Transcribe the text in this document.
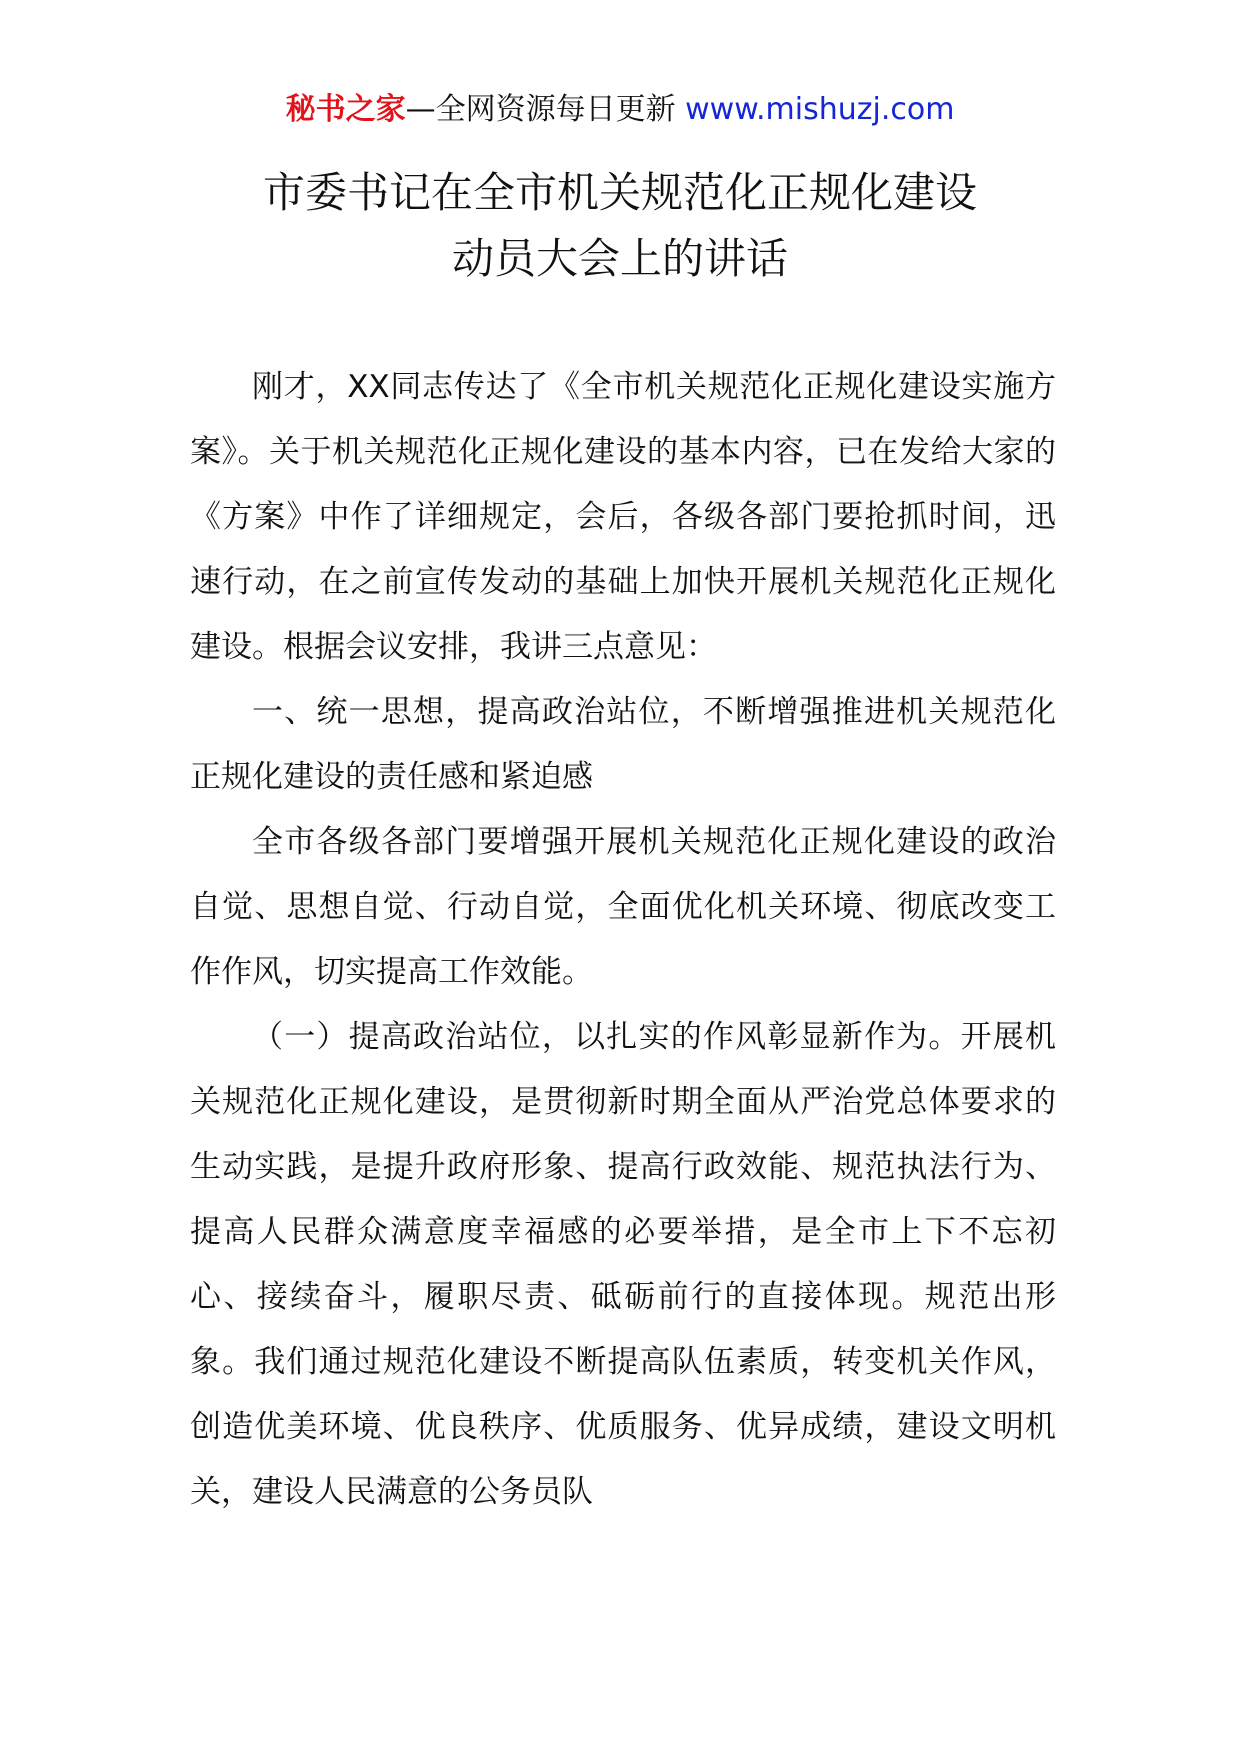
秘书之家—全网资源每日更新 www.mishuzj.com
市委书记在全市机关规范化正规化建设
动员大会上的讲话

刚才，XX同志传达了《全市机关规范化正规化建设实施方案》。关于机关规范化正规化建设的基本内容，已在发给大家的《方案》中作了详细规定，会后，各级各部门要抢抓时间，迅速行动，在之前宣传发动的基础上加快开展机关规范化正规化建设。根据会议安排，我讲三点意见：

一、统一思想，提高政治站位，不断增强推进机关规范化正规化建设的责任感和紧迫感

全市各级各部门要增强开展机关规范化正规化建设的政治自觉、思想自觉、行动自觉，全面优化机关环境、彻底改变工作作风，切实提高工作效能。

（一）提高政治站位，以扎实的作风彰显新作为。开展机关规范化正规化建设，是贯彻新时期全面从严治党总体要求的生动实践，是提升政府形象、提高行政效能、规范执法行为、提高人民群众满意度幸福感的必要举措，是全市上下不忘初心、接续奋斗，履职尽责、砥砺前行的直接体现。规范出形象。我们通过规范化建设不断提高队伍素质，转变机关作风，创造优美环境、优良秩序、优质服务、优异成绩，建设文明机关，建设人民满意的公务员队
